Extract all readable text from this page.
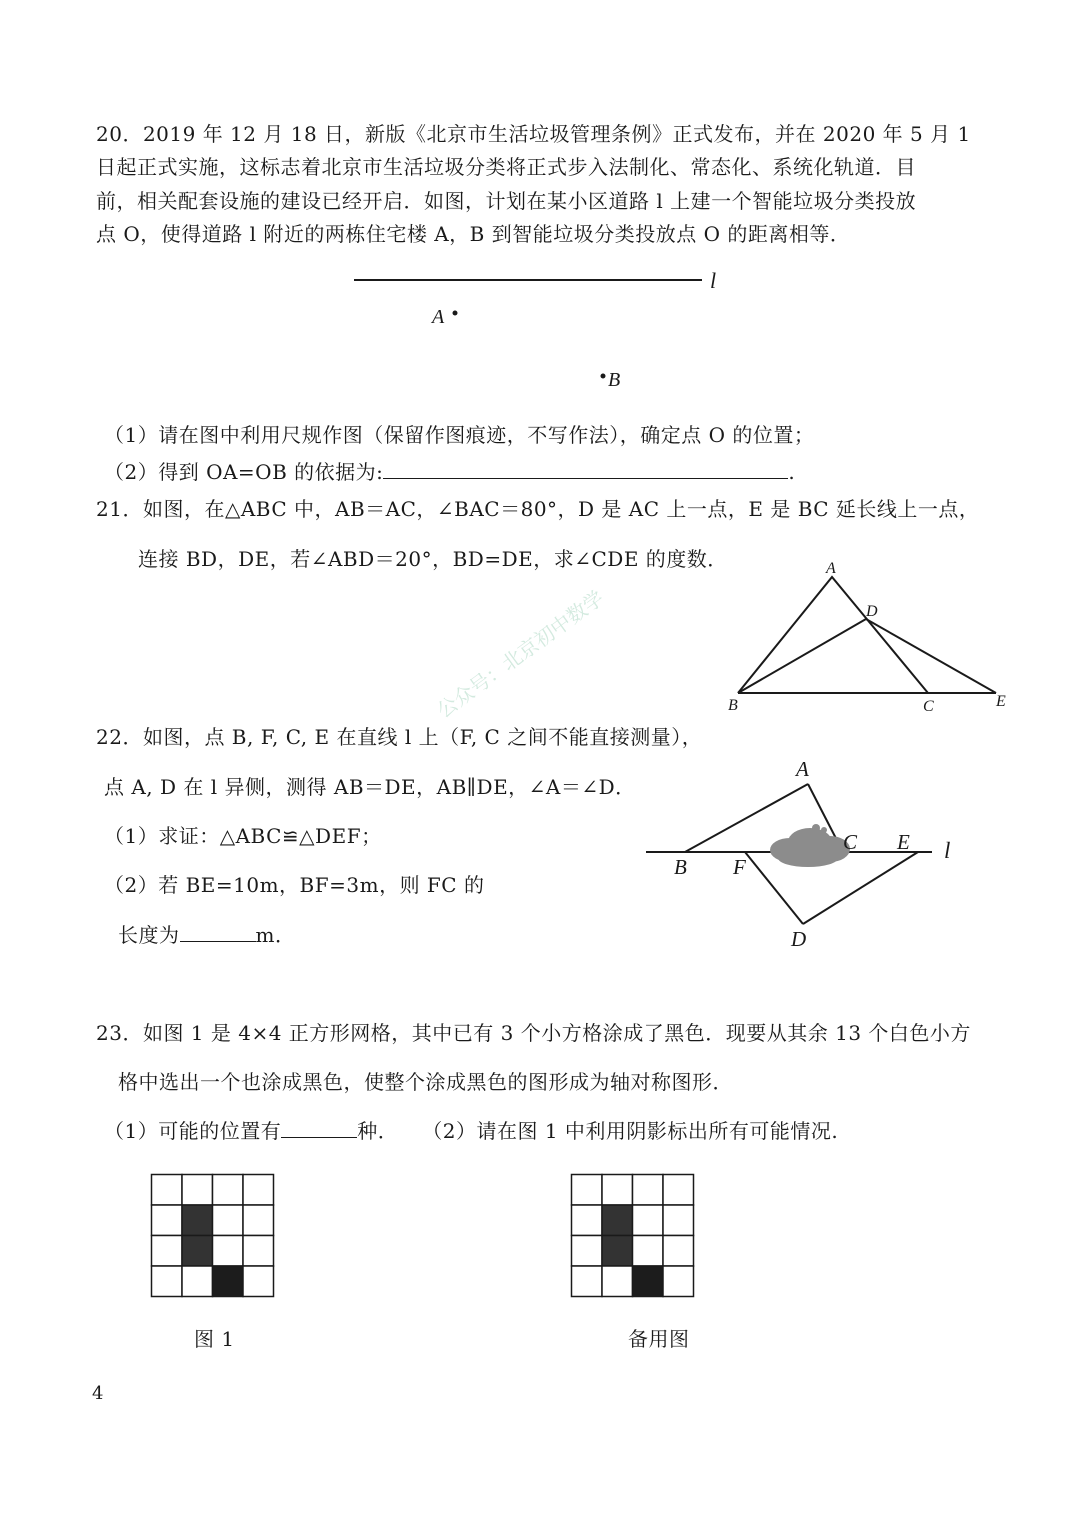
20．2019 年 12 月 18 日，新版《北京市生活垃圾管理条例》正式发布，并在 2020 年 5 月 1
日起正式实施，这标志着北京市生活垃圾分类将正式步入法制化、常态化、系统化轨道．目
前，相关配套设施的建设已经开启．如图，计划在某小区道路 l 上建一个智能垃圾分类投放
点 O，使得道路 l 附近的两栋住宅楼 A，B 到智能垃圾分类投放点 O 的距离相等．
l
A
B
（1）请在图中利用尺规作图（保留作图痕迹，不写作法），确定点 O 的位置；
（2）得到 OA=OB 的依据为:	.
21．如图，在△ABC 中，AB＝AC，∠BAC＝80°，D 是 AC 上一点，E 是 BC 延长线上一点，
连接 BD，DE，若∠ABD＝20°，BD=DE，求∠CDE 的度数．	A
D
B	C	E
22．如图，点 B, F, C, E 在直线 l 上（F, C 之间不能直接测量），
点 A, D 在 l 异侧，测得 AB＝DE，AB∥DE，∠A＝∠D．
（1）求证：△ABC≌△DEF；
（2）若 BE=10m，BF=3m，则 FC 的
长度为	m．
A
B F
C E
D
l
公众号：北京初中数学
23．如图 1 是 4×4 正方形网格，其中已有 3 个小方格涂成了黑色．现要从其余 13 个白色小方
格中选出一个也涂成黑色，使整个涂成黑色的图形成为轴对称图形．
（1）可能的位置有	种． （2）请在图 1 中利用阴影标出所有可能情况.
图 1	备用图
4
